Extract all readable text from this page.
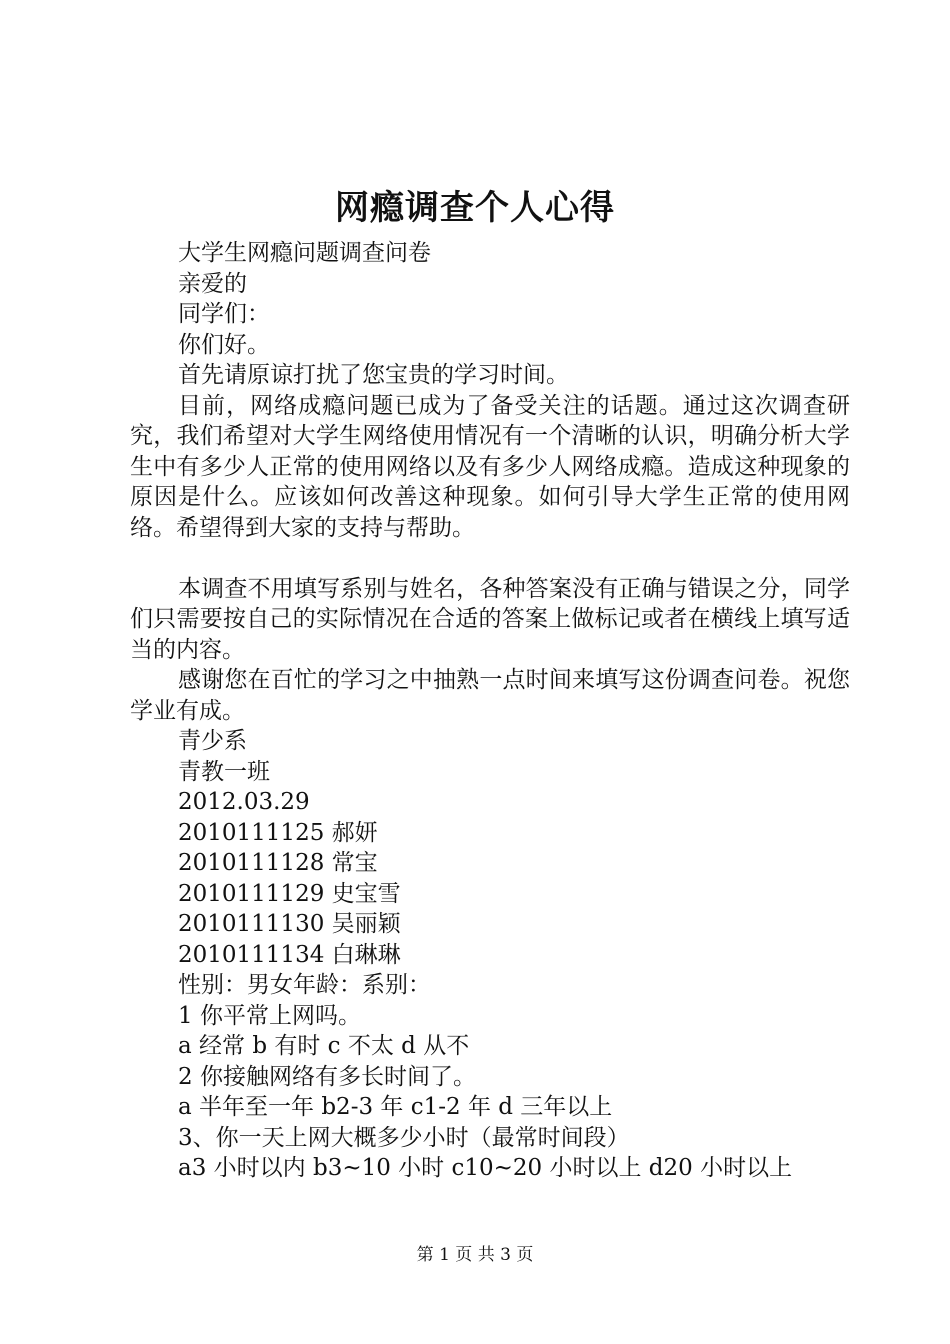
网瘾调查个人心得

大学生网瘾问题调查问卷

亲爱的

同学们：

你们好。

首先请原谅打扰了您宝贵的学习时间。

目前，网络成瘾问题已成为了备受关注的话题。通过这次调查研究，我们希望对大学生网络使用情况有一个清晰的认识，明确分析大学生中有多少人正常的使用网络以及有多少人网络成瘾。造成这种现象的原因是什么。应该如何改善这种现象。如何引导大学生正常的使用网络。希望得到大家的支持与帮助。

本调查不用填写系别与姓名，各种答案没有正确与错误之分，同学们只需要按自己的实际情况在合适的答案上做标记或者在横线上填写适当的内容。

感谢您在百忙的学习之中抽熟一点时间来填写这份调查问卷。祝您学业有成。

青少系

青教一班

2012.03.29

2010111125 郝妍

2010111128 常宝

2010111129 史宝雪

2010111130 吴丽颖

2010111134 白琳琳

性别：男女年龄：系别：

1 你平常上网吗。

a 经常 b 有时 c 不太 d 从不

2 你接触网络有多长时间了。

a 半年至一年 b2-3 年 c1-2 年 d 三年以上

3、你一天上网大概多少小时（最常时间段）

a3 小时以内 b3~10 小时 c10~20 小时以上 d20 小时以上

第 1 页 共 3 页
